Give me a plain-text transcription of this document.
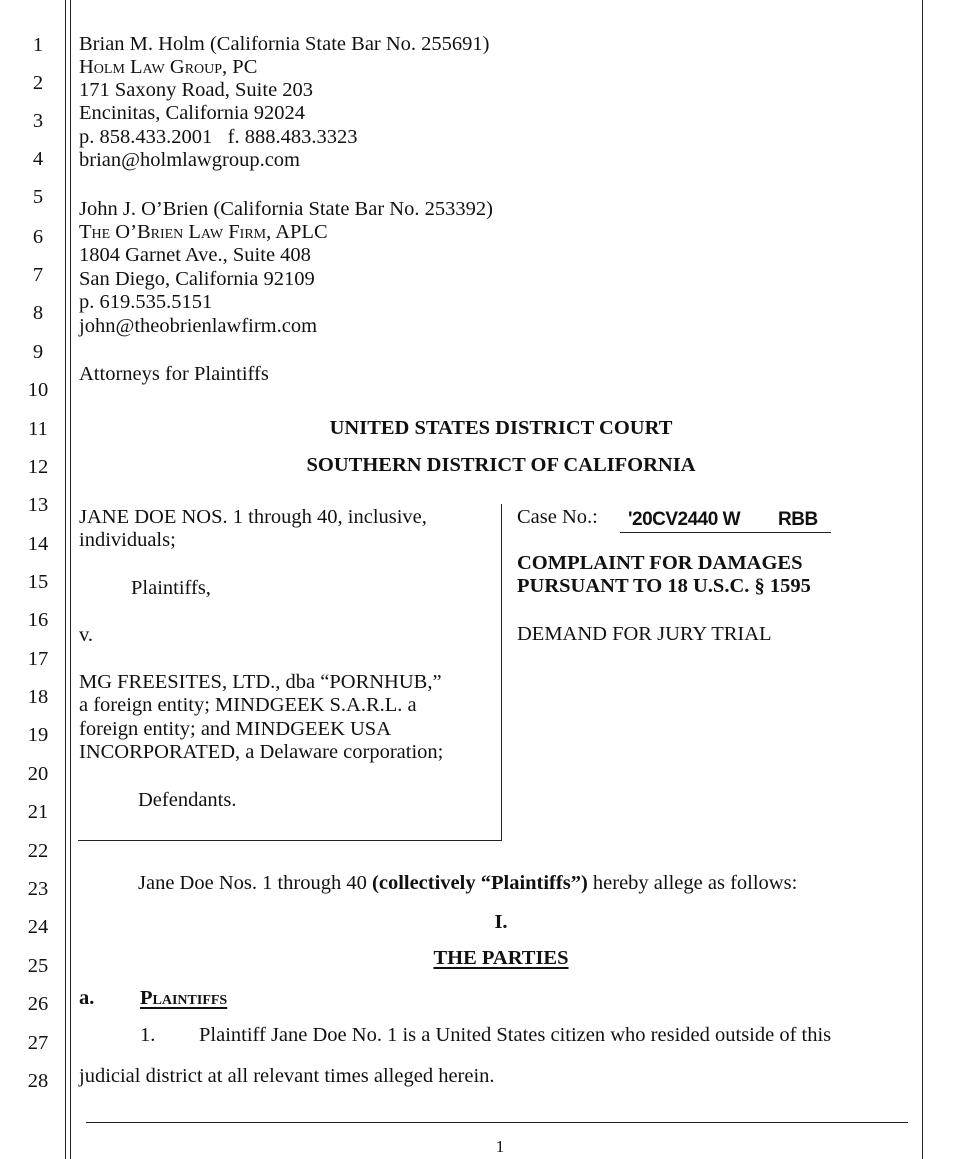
1
2
3
4
5
6
7
8
9
10
11
12
13
14
15
16
17
18
19
20
21
22
23
24
25
26
27
28
Brian M. Holm (California State Bar No. 255691)
Holm Law Group, PC
171 Saxony Road, Suite 203
Encinitas, California 92024
p. 858.433.2001   f. 888.483.3323
brian@holmlawgroup.com
John J. O’Brien (California State Bar No. 253392)
The O’Brien Law Firm, APLC
1804 Garnet Ave., Suite 408
San Diego, California 92109
p. 619.535.5151
john@theobrienlawfirm.com
Attorneys for Plaintiffs
UNITED STATES DISTRICT COURT
SOUTHERN DISTRICT OF CALIFORNIA
JANE DOE NOS. 1 through 40, inclusive,
individuals;
Plaintiffs,
v.
MG FREESITES, LTD., dba “PORNHUB,”
a foreign entity; MINDGEEK S.A.R.L. a
foreign entity; and MINDGEEK USA
INCORPORATED, a Delaware corporation;
Defendants.
Case No.: '20CV2440 W RBB
COMPLAINT FOR DAMAGES
PURSUANT TO 18 U.S.C. § 1595
DEMAND FOR JURY TRIAL
Jane Doe Nos. 1 through 40 (collectively “Plaintiffs”) hereby allege as follows:
I.
THE PARTIES
a. Plaintiffs
1. Plaintiff Jane Doe No. 1 is a United States citizen who resided outside of this
judicial district at all relevant times alleged herein.
1
